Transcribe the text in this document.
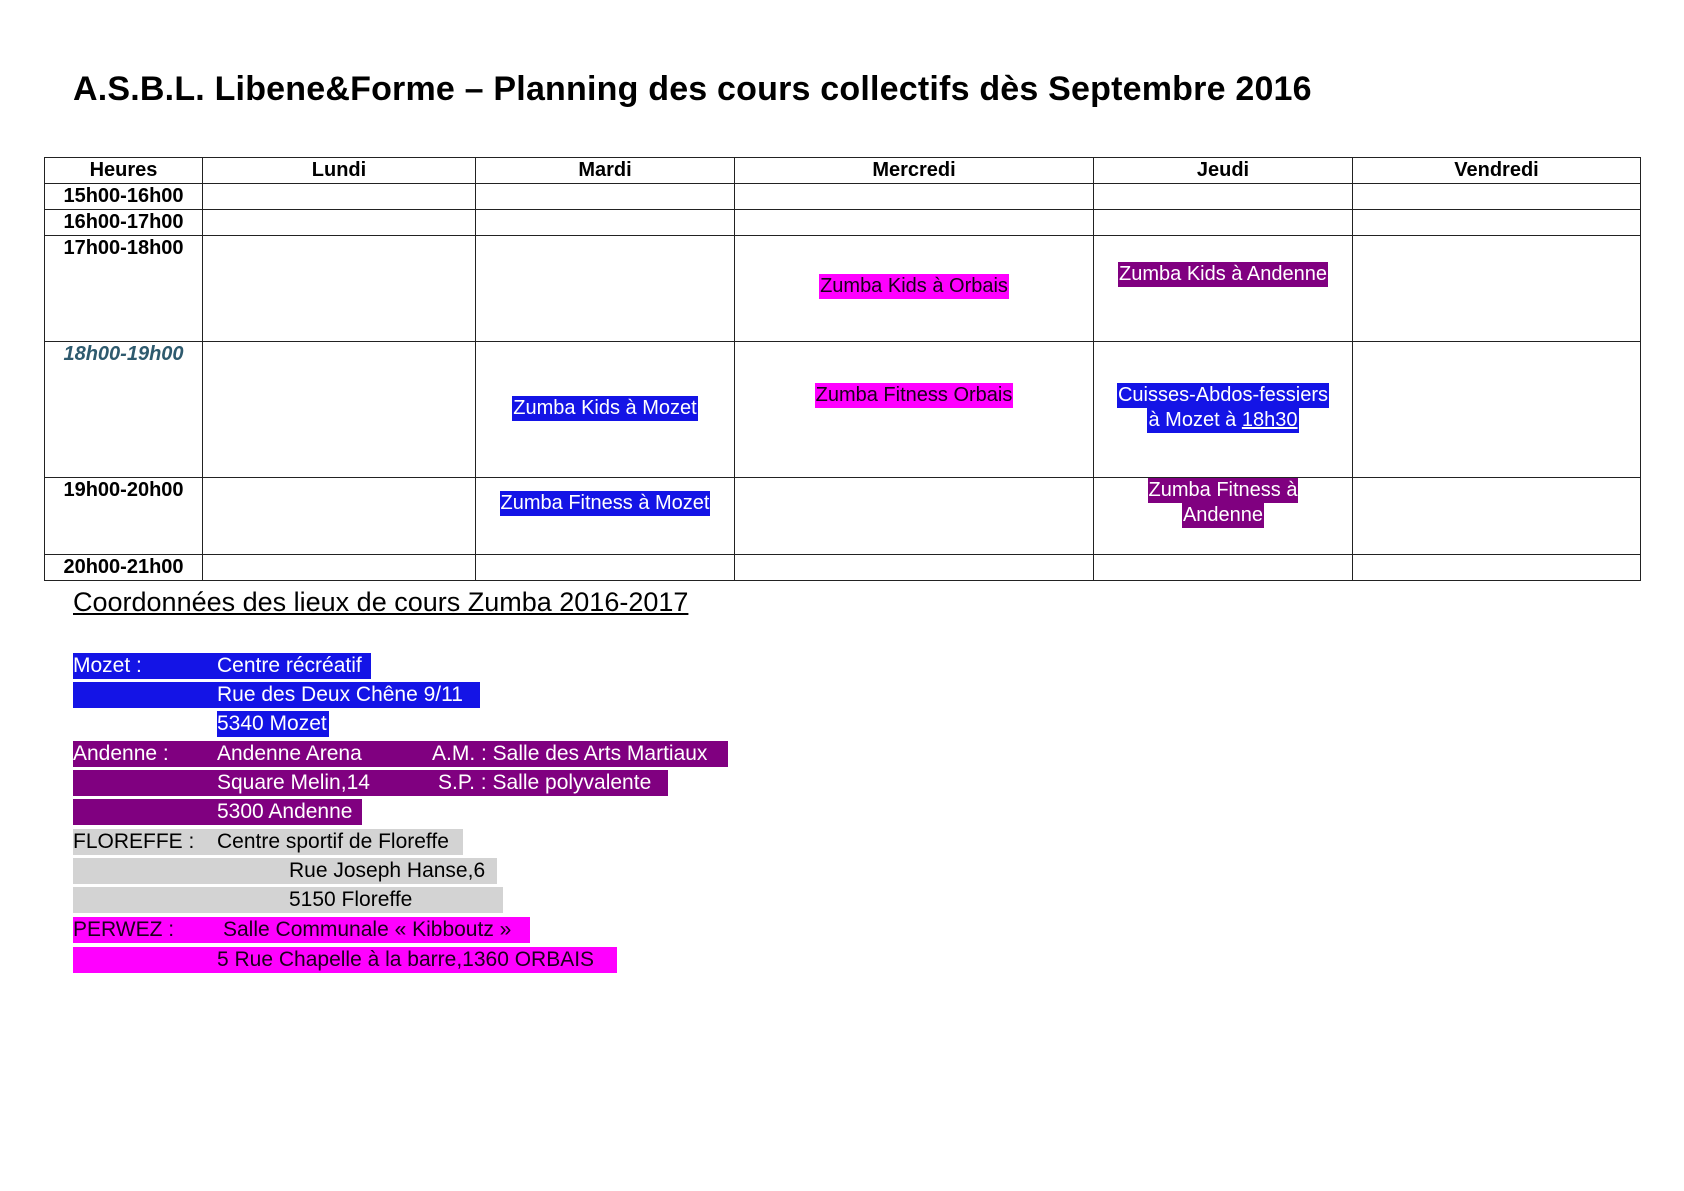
A.S.B.L. Libene&Forme – Planning des cours collectifs dès Septembre 2016
Heures	Lundi	Mardi	Mercredi	Jeudi	Vendredi
15h00-16h00					
16h00-17h00					
17h00-18h00			Zumba Kids à Orbais	Zumba Kids à Andenne	

18h00-19h00		Zumba Kids à Mozet	Zumba Fitness Orbais	Cuisses-Abdos-fessiers
à Mozet à 18h30	

19h00-20h00		Zumba Fitness à Mozet		Zumba Fitness à
Andenne	

20h00-21h00					
Coordonnées des lieux de cours Zumba 2016-2017
Mozet :	Centre récréatif
Rue des Deux Chêne 9/11
5340 Mozet
Andenne : Andenne Arena	A.M. : Salle des Arts Martiaux
Square Melin,14	S.P. : Salle polyvalente
5300 Andenne
FLOREFFE : Centre sportif de Floreffe
Rue Joseph Hanse,6
5150 Floreffe
PERWEZ : Salle Communale « Kibboutz »
5 Rue Chapelle à la barre,1360 ORBAIS
